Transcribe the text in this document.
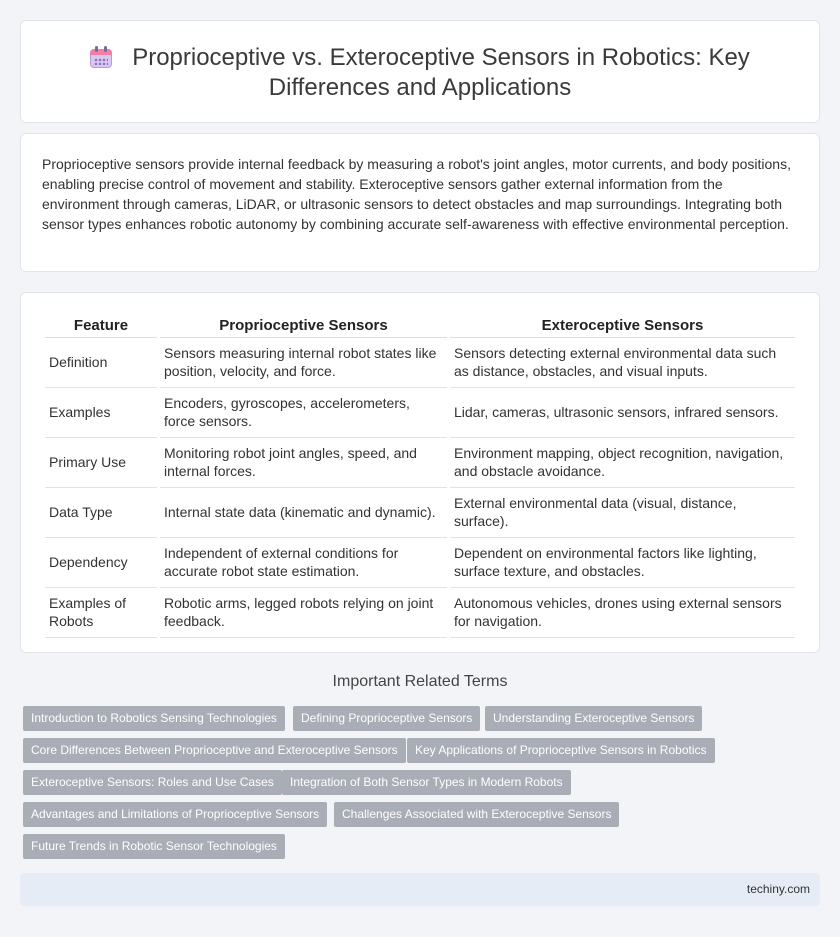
Proprioceptive vs. Exteroceptive Sensors in Robotics: Key Differences and Applications

Proprioceptive sensors provide internal feedback by measuring a robot's joint angles, motor currents, and body positions, enabling precise control of movement and stability. Exteroceptive sensors gather external information from the environment through cameras, LiDAR, or ultrasonic sensors to detect obstacles and map surroundings. Integrating both sensor types enhances robotic autonomy by combining accurate self-awareness with effective environmental perception.

Feature	Proprioceptive Sensors	Exteroceptive Sensors
Definition	Sensors measuring internal robot states like position, velocity, and force.	Sensors detecting external environmental data such as distance, obstacles, and visual inputs.
Examples	Encoders, gyroscopes, accelerometers, force sensors.	Lidar, cameras, ultrasonic sensors, infrared sensors.
Primary Use	Monitoring robot joint angles, speed, and internal forces.	Environment mapping, object recognition, navigation, and obstacle avoidance.
Data Type	Internal state data (kinematic and dynamic).	External environmental data (visual, distance, surface).
Dependency	Independent of external conditions for accurate robot state estimation.	Dependent on environmental factors like lighting, surface texture, and obstacles.
Examples of Robots	Robotic arms, legged robots relying on joint feedback.	Autonomous vehicles, drones using external sensors for navigation.
Important Related Terms
Introduction to Robotics Sensing Technologies	Defining Proprioceptive Sensors	Understanding Exteroceptive Sensors
Core Differences Between Proprioceptive and Exteroceptive Sensors	Key Applications of Proprioceptive Sensors in Robotics
Exteroceptive Sensors: Roles and Use Cases	Integration of Both Sensor Types in Modern Robots
Advantages and Limitations of Proprioceptive Sensors	Challenges Associated with Exteroceptive Sensors
Future Trends in Robotic Sensor Technologies
techiny.com
